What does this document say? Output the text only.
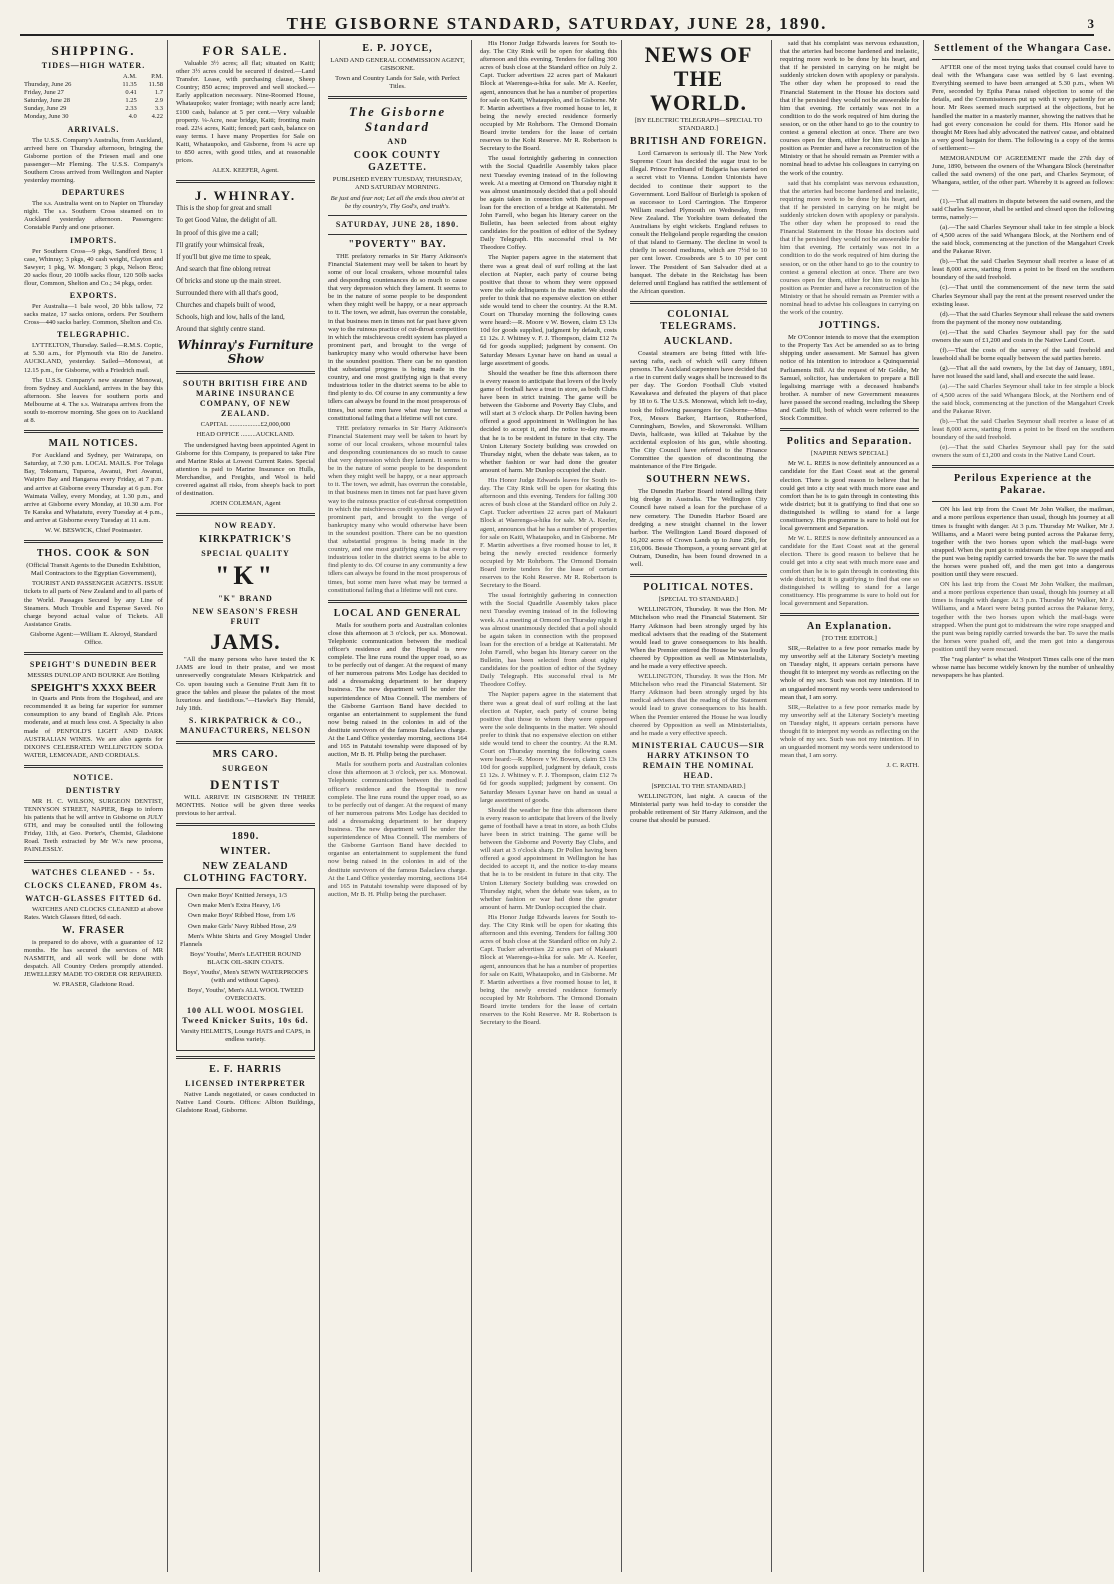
THE GISBORNE STANDARD, SATURDAY, JUNE 28, 1890.	3
SHIPPING.
TIDES—HIGH WATER.
	A.M.	P.M.
Thursday, June 26	11.35	11.58
Friday, June 27	0.41	1.7
Saturday, June 28	1.25	2.9
Sunday, June 29	2.33	3.3
Monday, June 30	4.0	4.22
ARRIVALS.

The U.S.S. Company's Australia, from Auckland, arrived here on Thursday afternoon, bringing the Gisborne portion of the Friesen mail and one passenger—Mr Fleming. The U.S.S. Company's Southern Cross arrived from Wellington and Napier yesterday morning.

DEPARTURES

The s.s. Australia went on to Napier on Thursday night. The s.s. Southern Cross steamed on to Auckland yesterday afternoon. Passengers: Constable Pardy and one prisoner.

IMPORTS.

Per Southern Cross—9 pkgs, Sandford Bros; 1 case, Whinray; 3 pkgs, 40 cash weight, Clayton and Sawyer; 1 pkg, W. Mongan; 3 pkgs, Nelson Bros; 20 sacks flour, 20 100lb sacks flour, 120 50lb sacks flour, Common, Shelton and Co.; 34 pkgs, order.

EXPORTS.

Per Australia—1 bale wool, 20 bbls tallow, 72 sacks maize, 17 sacks onions, orders. Per Southern Cross—440 sacks barley. Common, Shelton and Co.

TELEGRAPHIC.

LYTTELTON, Thursday. Sailed—R.M.S. Coptic, at 5.30 a.m., for Plymouth via Rio de Janeiro. AUCKLAND, yesterday. Sailed—Monowai, at 12.15 p.m., for Gisborne, with a Friedrich mail.

The U.S.S. Company's new steamer Monowai, from Sydney and Auckland, arrives in the bay this afternoon. She leaves for southern ports and Melbourne at 4. The s.s. Wairarapa arrives from the south to-morrow morning. She goes on to Auckland at 8.

MAIL NOTICES.

For Auckland and Sydney, per Wairarapa, on Saturday, at 7.30 p.m. LOCAL MAILS. For Tolaga Bay, Tokomaru, Tuparoa, Awanui, Port Awanui, Waipiro Bay and Hangaroa every Friday, at 7 p.m. and arrive at Gisborne every Thursday at 6 p.m. For Waimata Valley, every Monday, at 1.30 p.m., and arrive at Gisborne every Monday, at 10.30 a.m. For Te Karaka and Whatatutu, every Tuesday at 4 p.m., and arrive at Gisborne every Tuesday at 11 a.m.

W. W. BESWICK, Chief Postmaster.

THOS. COOK & SON

(Official Transit Agents to the Dunedin Exhibition, Mail Contractors to the Egyptian Government),

TOURIST AND PASSENGER AGENTS. ISSUE tickets to all parts of New Zealand and to all parts of the World. Passages Secured by any Line of Steamers. Much Trouble and Expense Saved. No charge beyond actual value of Tickets. All Assistance Gratis.

Gisborne Agent:—William E. Akroyd, Standard Office.

SPEIGHT'S DUNEDIN BEER

MESSRS DUNLOP AND BOURKE Are Bottling

SPEIGHT'S XXXX BEER

in Quarts and Pints from the Hogshead, and are recommended it as being far superior for summer consumption to any brand of English Ale. Prices moderate, and at much less cost. A Specialty is also made of PENFOLD'S LIGHT AND DARK AUSTRALIAN WINES. We are also agents for DIXON'S CELEBRATED WELLINGTON SODA WATER, LEMONADE, AND CORDIALS.

NOTICE.
DENTISTRY

MR H. C. WILSON, SURGEON DENTIST, TENNYSON STREET, NAPIER, Begs to inform his patients that he will arrive in Gisborne on JULY 6TH, and may be consulted until the following Friday, 11th, at Geo. Porter's, Chemist, Gladstone Road. Teeth extracted by Mr W.'s new process, PAINLESSLY.

WATCHES CLEANED - - 5s.
CLOCKS CLEANED, FROM 4s.
WATCH-GLASSES FITTED 6d.

WATCHES AND CLOCKS CLEANED at above Rates. Watch Glasses fitted, 6d each.

W. FRASER

is prepared to do above, with a guarantee of 12 months. He has secured the services of MR NASMITH, and all work will be done with despatch. All Country Orders promptly attended. JEWELLERY MADE TO ORDER OR REPAIRED.

W. FRASER, Gladstone Road.

FOR SALE.

Valuable 3½ acres; all flat; situated on Kaiti; other 3½ acres could be secured if desired.—Land Transfer. Lease, with purchasing clause, Sheep Country; 850 acres; improved and well stocked.—Early application necessary. Nine-Roomed House, Whataupoko; water frontage; with nearly acre land; £100 cash, balance at 5 per cent.—Very valuable property. ¼-Acre, near bridge, Kaiti; fronting main road. 22¼ acres, Kaiti; fenced; part cash, balance on easy terms. I have many Properties for Sale on Kaiti, Whataupoko, and Gisborne, from ¼ acre up to 850 acres, with good titles, and at reasonable prices.

ALEX. KEEFER, Agent.

J. WHINRAY.

This is the shop for great and small

To get Good Value, the delight of all.

In proof of this give me a call;

I'll gratify your whimsical freak,

If you'll but give me time to speak,

And search that fine oblong retreat

Of bricks and stone up the main street.

Surrounded there with all that's good,

Churches and chapels built of wood,

Schools, high and low, halls of the land,

Around that sightly centre stand.

Whinray's Furniture Show
SOUTH BRITISH FIRE AND MARINE INSURANCE COMPANY, OF NEW ZEALAND.

CAPITAL ...................£2,000,000

HEAD OFFICE .........AUCKLAND.

The undersigned having been appointed Agent in Gisborne for this Company, is prepared to take Fire and Marine Risks at Lowest Current Rates. Special attention is paid to Marine Insurance on Hulls, Merchandise, and Freights, and Wool is held covered against all risks, from sheep's back to port of destination.

JOHN COLEMAN, Agent

NOW READY.
KIRKPATRICK'S
SPECIAL QUALITY
"K"
"K" BRAND
NEW SEASON'S FRESH FRUIT
JAMS.

"All the many persons who have tested the K JAMS are loud in their praise, and we most unreservedly congratulate Messrs Kirkpatrick and Co. upon issuing such a Genuine Fruit Jam fit to grace the tables and please the palates of the most luxurious and fastidious."—Hawke's Bay Herald, July 18th.

S. KIRKPATRICK & CO., MANUFACTURERS, NELSON
MRS CARO.
SURGEON
DENTIST

WILL ARRIVE IN GISBORNE IN THREE MONTHS. Notice will be given three weeks previous to her arrival.

1890.
WINTER.
NEW ZEALAND CLOTHING FACTORY.

Own make Boys' Knitted Jerseys, 1/3

Own make Men's Extra Heavy, 1/6

Own make Boys' Ribbed Hose, from 1/6

Own make Girls' Navy Ribbed Hose, 2/9

Men's White Shirts and Grey Mosgiel Under Flannels

Boys' Youths', Men's LEATHER ROUND BLACK OIL-SKIN COATS.

Boys', Youths', Men's SEWN WATERPROOFS (with and without Capes).

Boys', Youths', Men's ALL WOOL TWEED OVERCOATS.

100 ALL WOOL MOSGIEL Tweed Knicker Suits, 10s 6d.

Varsity HELMETS, Lounge HATS and CAPS, in endless variety.

E. F. HARRIS
LICENSED INTERPRETER

Native Lands negotiated, or cases conducted in Native Land Courts. Offices: Albion Buildings, Gladstone Road, Gisborne.

E. P. JOYCE,

LAND AND GENERAL COMMISSION AGENT, GISBORNE.

Town and Country Lands for Sale, with Perfect Titles.

The Gisborne Standard
AND
COOK COUNTY GAZETTE.

PUBLISHED EVERY TUESDAY, THURSDAY, AND SATURDAY MORNING.

Be just and fear not; Let all the ends thou aim'st at be thy country's, Thy God's, and truth's.

SATURDAY, JUNE 28, 1890.
"POVERTY" BAY.

THE prefatory remarks in Sir Harry Atkinson's Financial Statement may well be taken to heart by some of our local croakers, whose mournful tales and desponding countenances do so much to cause that very depression which they lament. It seems to be in the nature of some people to be despondent when they might well be happy, or a near approach to it. The town, we admit, has overrun the constable, in that business men in times not far past have given way to the ruinous practice of cut-throat competition in which the mischievous credit system has played a prominent part, and brought to the verge of bankruptcy many who would otherwise have been in the soundest position. There can be no question that substantial progress is being made in the country, and one most gratifying sign is that every industrious toiler in the district seems to be able to find plenty to do. Of course in any community a few idlers can always be found in the most prosperous of times, but some men have what may be termed a constitutional failing that a lifetime will not cure.

THE prefatory remarks in Sir Harry Atkinson's Financial Statement may well be taken to heart by some of our local croakers, whose mournful tales and desponding countenances do so much to cause that very depression which they lament. It seems to be in the nature of some people to be despondent when they might well be happy, or a near approach to it. The town, we admit, has overrun the constable, in that business men in times not far past have given way to the ruinous practice of cut-throat competition in which the mischievous credit system has played a prominent part, and brought to the verge of bankruptcy many who would otherwise have been in the soundest position. There can be no question that substantial progress is being made in the country, and one most gratifying sign is that every industrious toiler in the district seems to be able to find plenty to do. Of course in any community a few idlers can always be found in the most prosperous of times, but some men have what may be termed a constitutional failing that a lifetime will not cure.

LOCAL AND GENERAL

Mails for southern ports and Australian colonies close this afternoon at 3 o'clock, per s.s. Monowai. Telephonic communication between the medical officer's residence and the Hospital is now complete. The line runs round the upper road, so as to be perfectly out of danger. At the request of many of her numerous patrons Mrs Lodge has decided to add a dressmaking department to her drapery business. The new department will be under the superintendence of Miss Connell. The members of the Gisborne Garrison Band have decided to organise an entertainment to supplement the fund now being raised in the colonies in aid of the destitute survivors of the famous Balaclava charge. At the Land Office yesterday morning, sections 164 and 165 in Patutahi township were disposed of by auction, Mr B. H. Philip being the purchaser.

Mails for southern ports and Australian colonies close this afternoon at 3 o'clock, per s.s. Monowai. Telephonic communication between the medical officer's residence and the Hospital is now complete. The line runs round the upper road, so as to be perfectly out of danger. At the request of many of her numerous patrons Mrs Lodge has decided to add a dressmaking department to her drapery business. The new department will be under the superintendence of Miss Connell. The members of the Gisborne Garrison Band have decided to organise an entertainment to supplement the fund now being raised in the colonies in aid of the destitute survivors of the famous Balaclava charge. At the Land Office yesterday morning, sections 164 and 165 in Patutahi township were disposed of by auction, Mr B. H. Philip being the purchaser.

His Honor Judge Edwards leaves for South to-day. The City Rink will be open for skating this afternoon and this evening. Tenders for falling 300 acres of bush close at the Standard office on July 2. Capt. Tucker advertises 22 acres part of Makauri Block at Waerenga-a-hika for sale. Mr A. Keefer, agent, announces that he has a number of properties for sale on Kaiti, Whataupoko, and in Gisborne. Mr F. Martin advertises a five roomed house to let, it being the newly erected residence formerly occupied by Mr Rohrborn. The Ormond Domain Board invite tenders for the lease of certain reserves to the Kohi Reserve. Mr R. Robertson is Secretary to the Board.

The usual fortnightly gathering in connection with the Social Quadrille Assembly takes place next Tuesday evening instead of in the following week. At a meeting at Ormond on Thursday night it was almost unanimously decided that a poll should be again taken in connection with the proposed loan for the erection of a bridge at Kaiteratahi. Mr John Farrell, who began his literary career on the Bulletin, has been selected from about eighty candidates for the position of editor of the Sydney Daily Telegraph. His successful rival is Mr Theodore Coffey.

The Napier papers agree in the statement that there was a great deal of surf rolling at the last election at Napier, each party of course being positive that those to whom they were opposed were the sole delinquents in the matter. We should prefer to think that no expensive election on either side would tend to cheer the country. At the R.M. Court on Thursday morning the following cases were heard:—R. Moore v W. Bowen, claim £3 13s 10d for goods supplied, judgment by default, costs £1 12s. J. Whitney v. F. J. Thompson, claim £12 7s 6d for goods supplied; judgment by consent. On Saturday Messrs Lysnar have on hand as usual a large assortment of goods.

Should the weather be fine this afternoon there is every reason to anticipate that lovers of the lively game of football have a treat in store, as both Clubs have been in strict training. The game will be between the Gisborne and Poverty Bay Clubs, and will start at 3 o'clock sharp. Dr Pollen having been offered a good appointment in Wellington he has decided to accept it, and the notice to-day means that he is to be resident in future in that city. The Union Literary Society building was crowded on Thursday night, when the debate was taken, as to whether fashion or war had done the greater amount of harm. Mr Dunlop occupied the chair.

His Honor Judge Edwards leaves for South to-day. The City Rink will be open for skating this afternoon and this evening. Tenders for falling 300 acres of bush close at the Standard office on July 2. Capt. Tucker advertises 22 acres part of Makauri Block at Waerenga-a-hika for sale. Mr A. Keefer, agent, announces that he has a number of properties for sale on Kaiti, Whataupoko, and in Gisborne. Mr F. Martin advertises a five roomed house to let, it being the newly erected residence formerly occupied by Mr Rohrborn. The Ormond Domain Board invite tenders for the lease of certain reserves to the Kohi Reserve. Mr R. Robertson is Secretary to the Board.

The usual fortnightly gathering in connection with the Social Quadrille Assembly takes place next Tuesday evening instead of in the following week. At a meeting at Ormond on Thursday night it was almost unanimously decided that a poll should be again taken in connection with the proposed loan for the erection of a bridge at Kaiteratahi. Mr John Farrell, who began his literary career on the Bulletin, has been selected from about eighty candidates for the position of editor of the Sydney Daily Telegraph. His successful rival is Mr Theodore Coffey.

The Napier papers agree in the statement that there was a great deal of surf rolling at the last election at Napier, each party of course being positive that those to whom they were opposed were the sole delinquents in the matter. We should prefer to think that no expensive election on either side would tend to cheer the country. At the R.M. Court on Thursday morning the following cases were heard:—R. Moore v W. Bowen, claim £3 13s 10d for goods supplied, judgment by default, costs £1 12s. J. Whitney v. F. J. Thompson, claim £12 7s 6d for goods supplied; judgment by consent. On Saturday Messrs Lysnar have on hand as usual a large assortment of goods.

Should the weather be fine this afternoon there is every reason to anticipate that lovers of the lively game of football have a treat in store, as both Clubs have been in strict training. The game will be between the Gisborne and Poverty Bay Clubs, and will start at 3 o'clock sharp. Dr Pollen having been offered a good appointment in Wellington he has decided to accept it, and the notice to-day means that he is to be resident in future in that city. The Union Literary Society building was crowded on Thursday night, when the debate was taken, as to whether fashion or war had done the greater amount of harm. Mr Dunlop occupied the chair.

His Honor Judge Edwards leaves for South to-day. The City Rink will be open for skating this afternoon and this evening. Tenders for falling 300 acres of bush close at the Standard office on July 2. Capt. Tucker advertises 22 acres part of Makauri Block at Waerenga-a-hika for sale. Mr A. Keefer, agent, announces that he has a number of properties for sale on Kaiti, Whataupoko, and in Gisborne. Mr F. Martin advertises a five roomed house to let, it being the newly erected residence formerly occupied by Mr Rohrborn. The Ormond Domain Board invite tenders for the lease of certain reserves to the Kohi Reserve. Mr R. Robertson is Secretary to the Board.

NEWS OF THE WORLD.

[BY ELECTRIC TELEGRAPH—SPECIAL TO STANDARD.]

BRITISH AND FOREIGN.

Lord Carnarvon is seriously ill. The New York Supreme Court has decided the sugar trust to be illegal. Prince Ferdinand of Bulgaria has started on a secret visit to Vienna. London Unionists have decided to continue their support to the Government. Lord Balfour of Burleigh is spoken of as successor to Lord Carrington. The Emperor William reached Plymouth on Wednesday, from New Zealand. The Yorkshire team defeated the Australians by eight wickets. England refuses to consult the Heligoland people regarding the cession of that island to Germany. The decline in wool is chiefly in second mediums, which are 7½d to 10 per cent lower. Crossbreds are 5 to 10 per cent lower. The President of San Salvador died at a banquet. The debate in the Reichstag has been deferred until England has ratified the settlement of the African question.

COLONIAL TELEGRAMS.
AUCKLAND.

Coastal steamers are being fitted with life-saving rafts, each of which will carry fifteen persons. The Auckland carpenters have decided that a rise in current daily wages shall be increased to 8s per day. The Gordon Football Club visited Kawakawa and defeated the players of that place by 18 to 6. The U.S.S. Monowai, which left to-day, took the following passengers for Gisborne—Miss Fox, Messrs Barker, Harrison, Rutherford, Cunningham, Bowles, and Skowronski. William Davis, halfcaste, was killed at Takahue by the accidental explosion of his gun, while shooting. The City Council have referred to the Finance Committee the question of discontinuing the maintenance of the Fire Brigade.

SOUTHERN NEWS.

The Dunedin Harbor Board intend selling their big dredge in Australia. The Wellington City Council have raised a loan for the purchase of a new cemetery. The Dunedin Harbor Board are dredging a new straight channel in the lower harbor. The Wellington Land Board disposed of 16,202 acres of Crown Lands up to June 25th, for £16,006. Bessie Thompson, a young servant girl at Outram, Dunedin, has been found drowned in a well.

POLITICAL NOTES.

[SPECIAL TO STANDARD.]

WELLINGTON, Thursday. It was the Hon. Mr Mitchelson who read the Financial Statement. Sir Harry Atkinson had been strongly urged by his medical advisers that the reading of the Statement would lead to grave consequences to his health. When the Premier entered the House he was loudly cheered by Opposition as well as Ministerialists, and he made a very effective speech.

WELLINGTON, Thursday. It was the Hon. Mr Mitchelson who read the Financial Statement. Sir Harry Atkinson had been strongly urged by his medical advisers that the reading of the Statement would lead to grave consequences to his health. When the Premier entered the House he was loudly cheered by Opposition as well as Ministerialists, and he made a very effective speech.

MINISTERIAL CAUCUS—SIR HARRY ATKINSON TO REMAIN THE NOMINAL HEAD.

[SPECIAL TO THE STANDARD.]

WELLINGTON, last night. A caucus of the Ministerial party was held to-day to consider the probable retirement of Sir Harry Atkinson, and the course that should be pursued.

said that his complaint was nervous exhaustion, that the arteries had become hardened and inelastic, requiring more work to be done by his heart, and that if he persisted in carrying on he might be suddenly stricken down with apoplexy or paralysis. The other day when he proposed to read the Financial Statement in the House his doctors said that if he persisted they would not be answerable for him that evening. He certainly was not in a condition to do the work required of him during the session, or on the other hand to go to the country to contest a general election at once. There are two courses open for them, either for him to resign his position as Premier and have a reconstruction of the Ministry or that he should remain as Premier with a nominal head to advise his colleagues in carrying on the work of the country.

said that his complaint was nervous exhaustion, that the arteries had become hardened and inelastic, requiring more work to be done by his heart, and that if he persisted in carrying on he might be suddenly stricken down with apoplexy or paralysis. The other day when he proposed to read the Financial Statement in the House his doctors said that if he persisted they would not be answerable for him that evening. He certainly was not in a condition to do the work required of him during the session, or on the other hand to go to the country to contest a general election at once. There are two courses open for them, either for him to resign his position as Premier and have a reconstruction of the Ministry or that he should remain as Premier with a nominal head to advise his colleagues in carrying on the work of the country.

JOTTINGS.

Mr O'Connor intends to move that the exemption to the Property Tax Act be amended so as to bring shipping under assessment. Mr Samuel has given notice of his intention to introduce a Quinquennial Parliaments Bill. At the request of Mr Goldie, Mr Samuel, solicitor, has undertaken to prepare a Bill legalising marriage with a deceased husband's brother. A number of new Government measures have passed the second reading, including the Sheep and Cattle Bill, both of which were referred to the Stock Committee.

Politics and Separation.

[NAPIER NEWS SPECIAL]

Mr W. L. REES is now definitely announced as a candidate for the East Coast seat at the general election. There is good reason to believe that he could get into a city seat with much more ease and comfort than he is to gain through in contesting this wide district; but it is gratifying to find that one so distinguished is willing to stand for a large constituency. His programme is sure to hold out for local government and Separation.

Mr W. L. REES is now definitely announced as a candidate for the East Coast seat at the general election. There is good reason to believe that he could get into a city seat with much more ease and comfort than he is to gain through in contesting this wide district; but it is gratifying to find that one so distinguished is willing to stand for a large constituency. His programme is sure to hold out for local government and Separation.

An Explanation.

[TO THE EDITOR.]

SIR,—Relative to a few poor remarks made by my unworthy self at the Literary Society's meeting on Tuesday night, it appears certain persons have thought fit to interpret my words as reflecting on the whole of my sex. Such was not my intention. If in an unguarded moment my words were understood to mean that, I am sorry.

SIR,—Relative to a few poor remarks made by my unworthy self at the Literary Society's meeting on Tuesday night, it appears certain persons have thought fit to interpret my words as reflecting on the whole of my sex. Such was not my intention. If in an unguarded moment my words were understood to mean that, I am sorry.

J. C. RATH.

Settlement of the Whangara Case.

AFTER one of the most trying tasks that counsel could have to deal with the Whangara case was settled by 6 last evening. Everything seemed to have been arranged at 5.30 p.m., when Wi Pere, seconded by Epiha Paraa raised objection to some of the details, and the Commissioners put up with it very patiently for an hour. Mr Rees seemed much surprised at the objections, but he handled the matter in a masterly manner, showing the natives that he had got every concession he could for them. His Honor said he thought Mr Rees had ably advocated the natives' cause, and obtained a very good bargain for them. The following is a copy of the terms of settlement:—

MEMORANDUM OF AGREEMENT made the 27th day of June, 1890, between the owners of the Whangara Block (hereinafter called the said owners) of the one part, and Charles Seymour, of Whangara, settler, of the other part. Whereby it is agreed as follows:—

(1).—That all matters in dispute between the said owners, and the said Charles Seymour, shall be settled and closed upon the following terms, namely:—

(a).—The said Charles Seymour shall take in fee simple a block of 4,500 acres of the said Whangara Block, at the Northern end of the said block, commencing at the junction of the Mangahuri Creek and the Pakarae River.

(b).—That the said Charles Seymour shall receive a lease of at least 8,000 acres, starting from a point to be fixed on the southern boundary of the said freehold.

(c).—That until the commencement of the new term the said Charles Seymour shall pay the rent at the present reserved under the existing lease.

(d).—That the said Charles Seymour shall release the said owners from the payment of the money now outstanding.

(e).—That the said Charles Seymour shall pay for the said owners the sum of £1,200 and costs in the Native Land Court.

(f).—That the costs of the survey of the said freehold and leasehold shall be borne equally between the said parties hereto.

(g).—That all the said owners, by the 1st day of January, 1891, have not leased the said land, shall and execute the said lease.

(a).—The said Charles Seymour shall take in fee simple a block of 4,500 acres of the said Whangara Block, at the Northern end of the said block, commencing at the junction of the Mangahuri Creek and the Pakarae River.

(b).—That the said Charles Seymour shall receive a lease of at least 8,000 acres, starting from a point to be fixed on the southern boundary of the said freehold.

(e).—That the said Charles Seymour shall pay for the said owners the sum of £1,200 and costs in the Native Land Court.

Perilous Experience at the Pakarae.

ON his last trip from the Coast Mr John Walker, the mailman, and a more perilous experience than usual, though his journey at all times is fraught with danger. At 3 p.m. Thursday Mr Walker, Mr J. Williams, and a Maori were being punted across the Pakarae ferry, together with the two horses upon which the mail-bags were strapped. When the punt got to midstream the wire rope snapped and the punt was being rapidly carried towards the bar. To save the mails the horses were pushed off, and the men got into a dangerous position until they were rescued.

ON his last trip from the Coast Mr John Walker, the mailman, and a more perilous experience than usual, though his journey at all times is fraught with danger. At 3 p.m. Thursday Mr Walker, Mr J. Williams, and a Maori were being punted across the Pakarae ferry, together with the two horses upon which the mail-bags were strapped. When the punt got to midstream the wire rope snapped and the punt was being rapidly carried towards the bar. To save the mails the horses were pushed off, and the men got into a dangerous position until they were rescued.

The "rag planter" is what the Westport Times calls one of the men whose name has become widely known by the number of unhealthy newspapers he has planted.
